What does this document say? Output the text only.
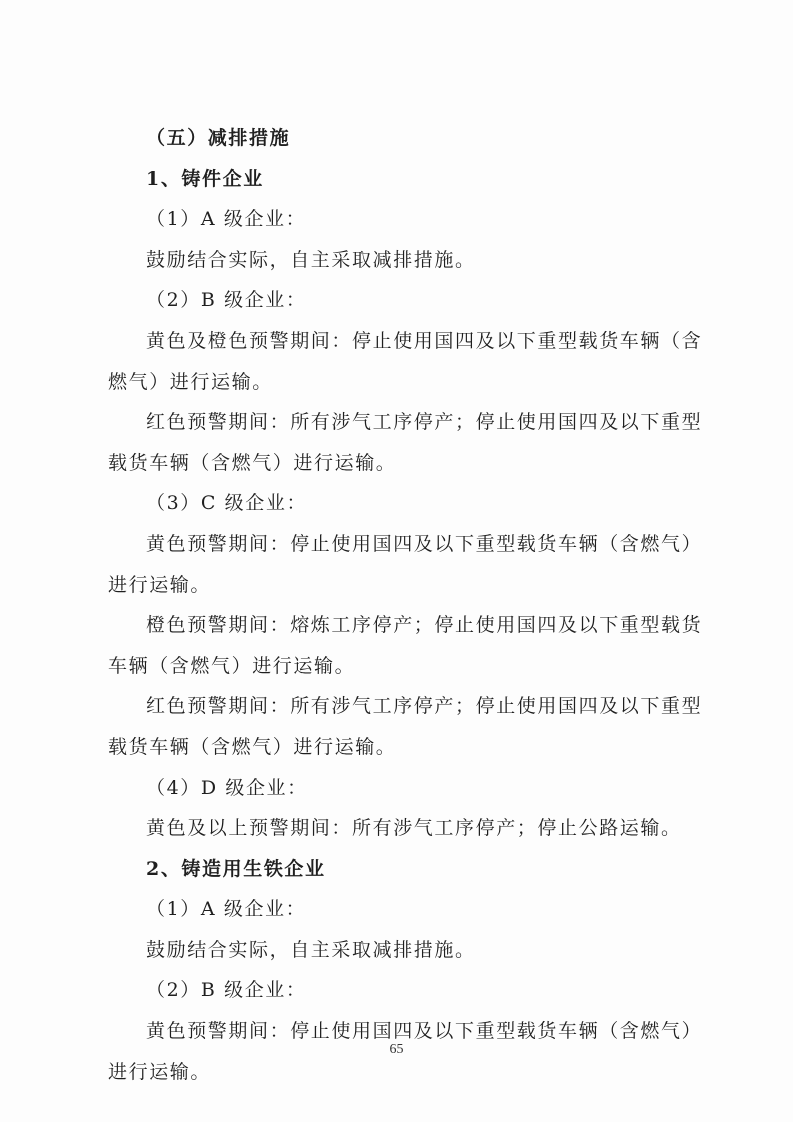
（五）减排措施

1、铸件企业

（1）A 级企业：

鼓励结合实际，自主采取减排措施。

（2）B 级企业：

黄色及橙色预警期间：停止使用国四及以下重型载货车辆（含

燃气）进行运输。

红色预警期间：所有涉气工序停产；停止使用国四及以下重型

载货车辆（含燃气）进行运输。

（3）C 级企业：

黄色预警期间：停止使用国四及以下重型载货车辆（含燃气）

进行运输。

橙色预警期间：熔炼工序停产；停止使用国四及以下重型载货

车辆（含燃气）进行运输。

红色预警期间：所有涉气工序停产；停止使用国四及以下重型

载货车辆（含燃气）进行运输。

（4）D 级企业：

黄色及以上预警期间：所有涉气工序停产；停止公路运输。

2、铸造用生铁企业

（1）A 级企业：

鼓励结合实际，自主采取减排措施。

（2）B 级企业：

黄色预警期间：停止使用国四及以下重型载货车辆（含燃气）

进行运输。

65
